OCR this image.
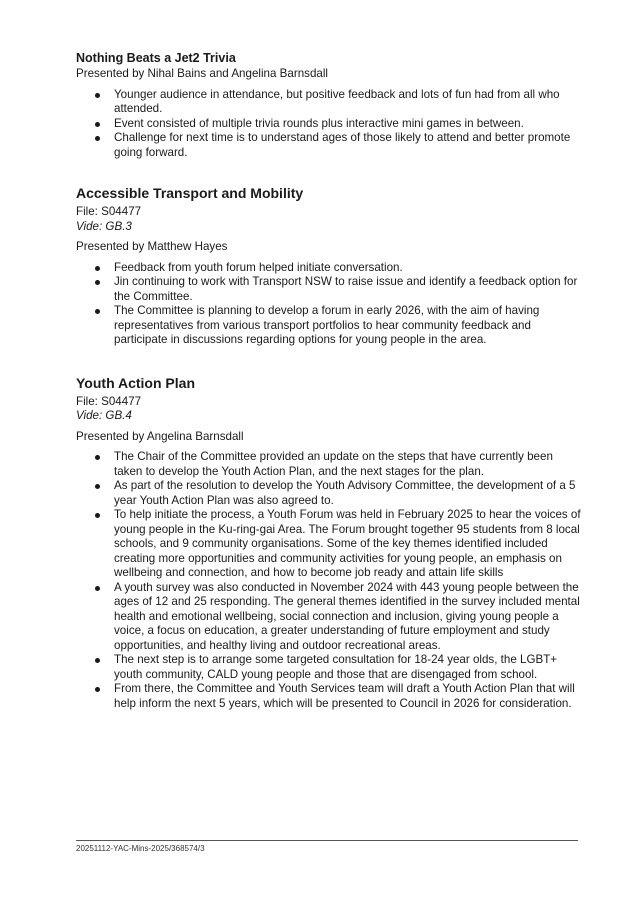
Nothing Beats a Jet2 Trivia

Presented by Nihal Bains and Angelina Barnsdall

Younger audience in attendance, but positive feedback and lots of fun had from all who attended.
Event consisted of multiple trivia rounds plus interactive mini games in between.
Challenge for next time is to understand ages of those likely to attend and better promote going forward.
Accessible Transport and Mobility

File: S04477

Vide: GB.3

Presented by Matthew Hayes

Feedback from youth forum helped initiate conversation.
Jin continuing to work with Transport NSW to raise issue and identify a feedback option for the Committee.
The Committee is planning to develop a forum in early 2026, with the aim of having representatives from various transport portfolios to hear community feedback and participate in discussions regarding options for young people in the area.
Youth Action Plan

File: S04477

Vide: GB.4

Presented by Angelina Barnsdall

The Chair of the Committee provided an update on the steps that have currently been taken to develop the Youth Action Plan, and the next stages for the plan.
As part of the resolution to develop the Youth Advisory Committee, the development of a 5 year Youth Action Plan was also agreed to.
To help initiate the process, a Youth Forum was held in February 2025 to hear the voices of young people in the Ku-ring-gai Area. The Forum brought together 95 students from 8 local schools, and 9 community organisations. Some of the key themes identified included creating more opportunities and community activities for young people, an emphasis on wellbeing and connection, and how to become job ready and attain life skills
A youth survey was also conducted in November 2024 with 443 young people between the ages of 12 and 25 responding. The general themes identified in the survey included mental health and emotional wellbeing, social connection and inclusion, giving young people a voice, a focus on education, a greater understanding of future employment and study opportunities, and healthy living and outdoor recreational areas.
The next step is to arrange some targeted consultation for 18-24 year olds, the LGBT+ youth community, CALD young people and those that are disengaged from school.
From there, the Committee and Youth Services team will draft a Youth Action Plan that will help inform the next 5 years, which will be presented to Council in 2026 for consideration.
20251112-YAC-Mins-2025/368574/3
